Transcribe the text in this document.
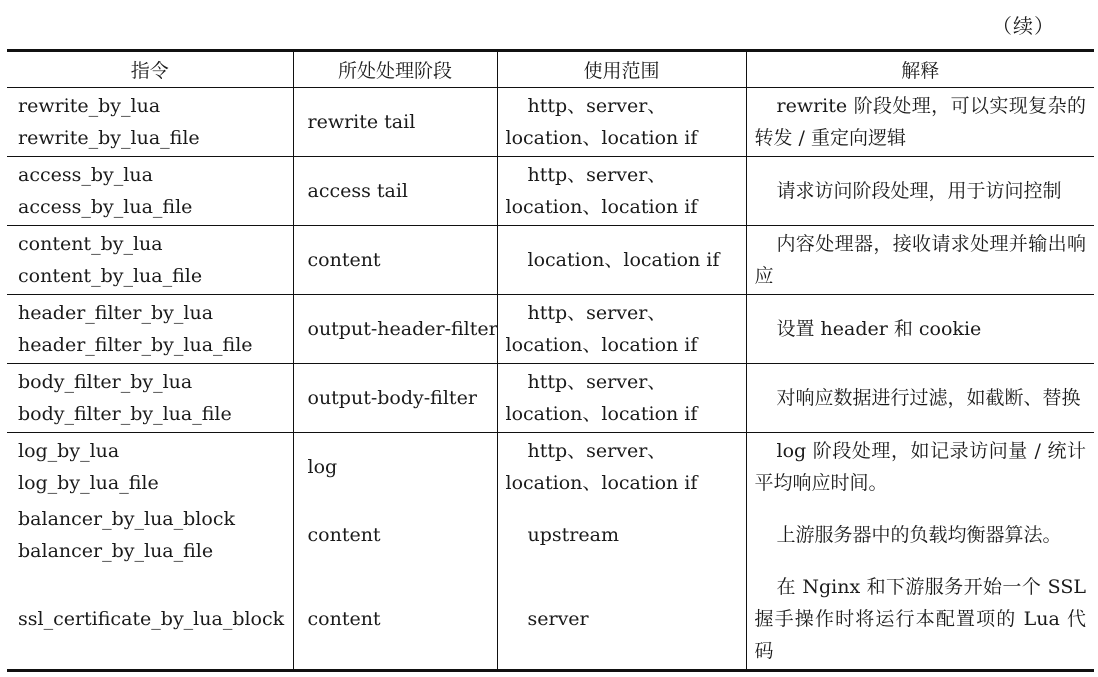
（续）
指令	所处处理阶段	使用范围	解释

rewrite_by_lua
rewrite_by_lua_file	rewrite tail	http、server、location、location if	rewrite 阶段处理，可以实现复杂的转发 / 重定向逻辑

access_by_lua
access_by_lua_file	access tail	http、server、location、location if	请求访问阶段处理，用于访问控制

content_by_lua
content_by_lua_file	content	location、location if	内容处理器，接收请求处理并输出响应

header_filter_by_lua
header_filter_by_lua_file	output-header-filter	http、server、location、location if	设置 header 和 cookie

body_filter_by_lua
body_filter_by_lua_file	output-body-filter	http、server、location、location if	对响应数据进行过滤，如截断、替换

log_by_lua
log_by_lua_file	log	http、server、location、location if	log 阶段处理，如记录访问量 / 统计平均响应时间。

balancer_by_lua_block
balancer_by_lua_file	content	upstream	上游服务器中的负载均衡器算法。

ssl_certificate_by_lua_block	content	server	在 Nginx 和下游服务开始一个 SSL 握手操作时将运行本配置项的 Lua 代码
